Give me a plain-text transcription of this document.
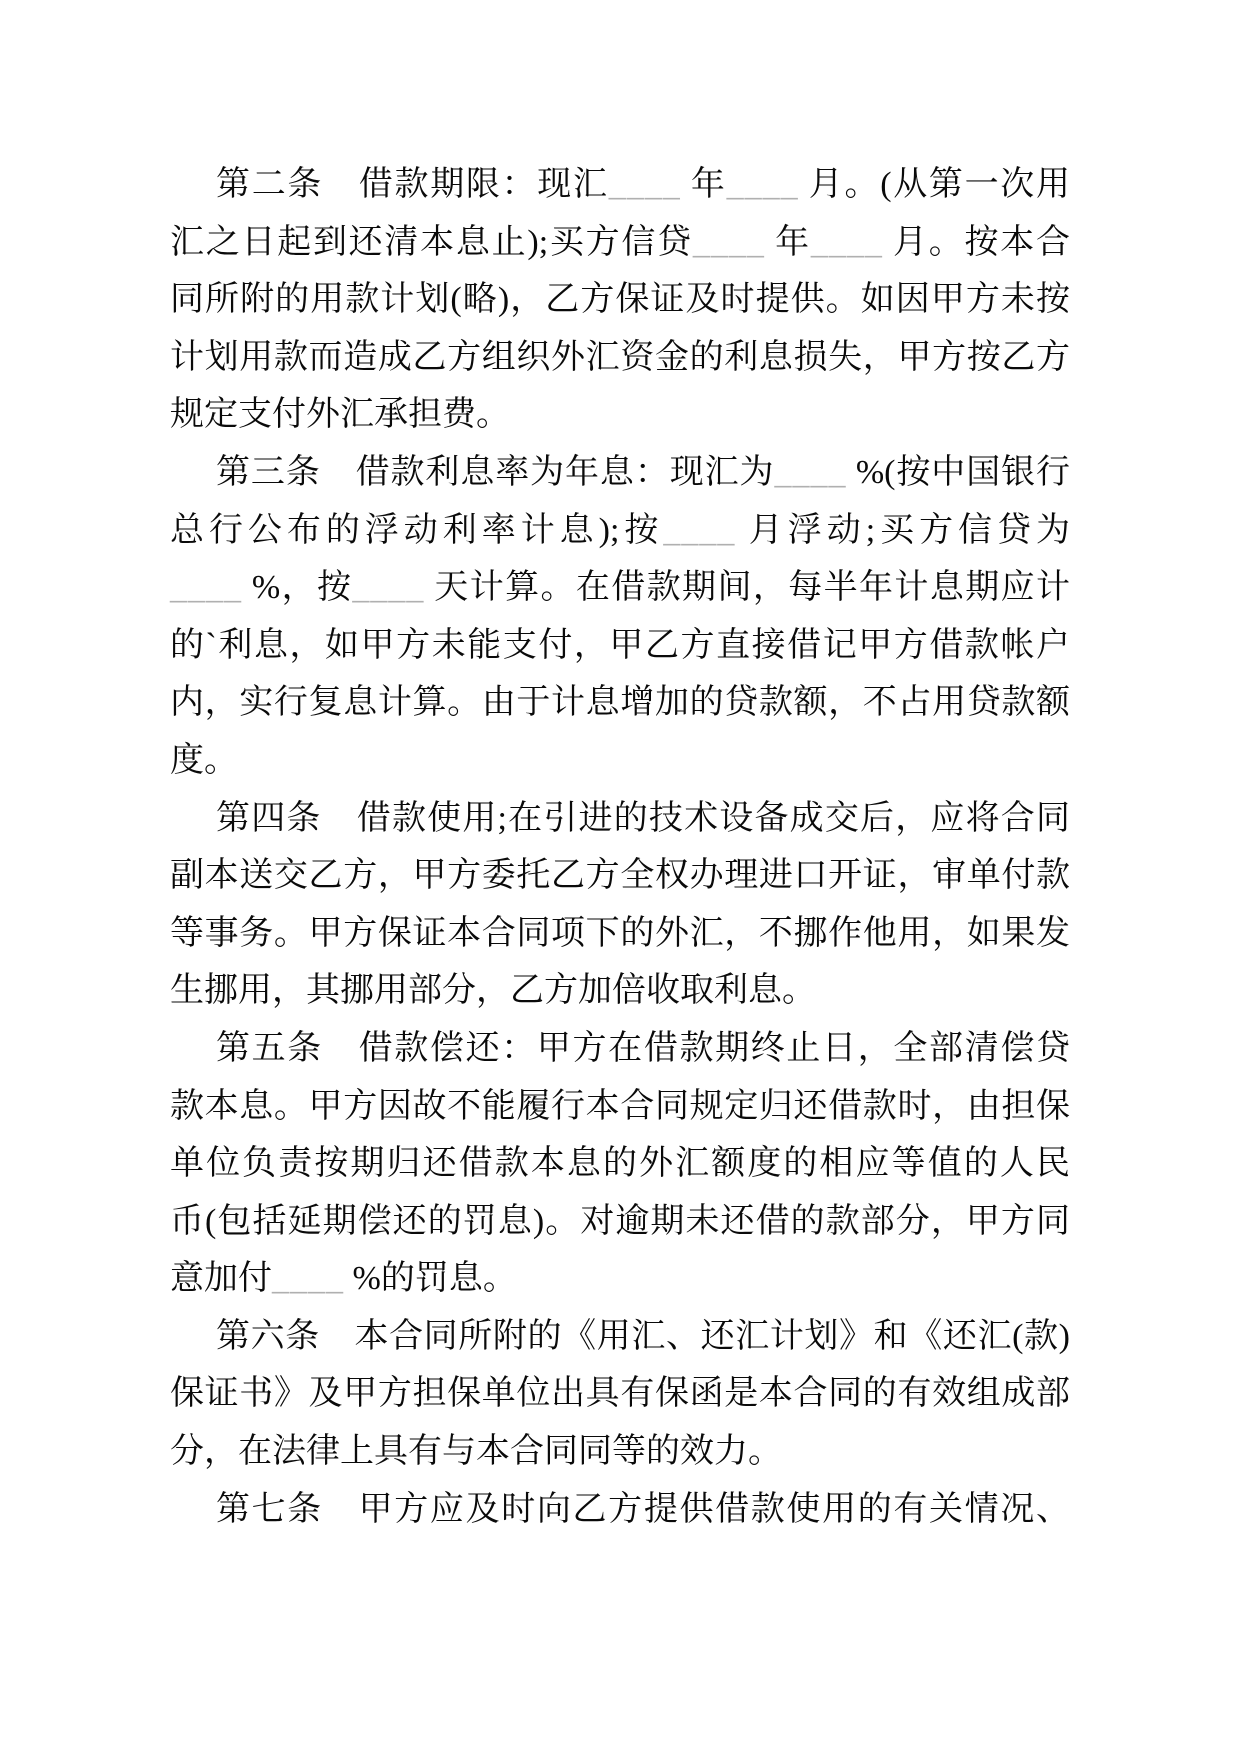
第二条　借款期限：现汇____ 年____ 月。(从第一次用
汇之日起到还清本息止);买方信贷____ 年____ 月。按本合
同所附的用款计划(略)，乙方保证及时提供。如因甲方未按
计划用款而造成乙方组织外汇资金的利息损失，甲方按乙方
规定支付外汇承担费。
第三条　借款利息率为年息：现汇为____ %(按中国银行
总行公布的浮动利率计息);按____ 月浮动;买方信贷为
____ %，按____ 天计算。在借款期间，每半年计息期应计
的`利息，如甲方未能支付，甲乙方直接借记甲方借款帐户
内，实行复息计算。由于计息增加的贷款额，不占用贷款额
度。
第四条　借款使用;在引进的技术设备成交后，应将合同
副本送交乙方，甲方委托乙方全权办理进口开证，审单付款
等事务。甲方保证本合同项下的外汇，不挪作他用，如果发
生挪用，其挪用部分，乙方加倍收取利息。
第五条　借款偿还：甲方在借款期终止日，全部清偿贷
款本息。甲方因故不能履行本合同规定归还借款时，由担保
单位负责按期归还借款本息的外汇额度的相应等值的人民
币(包括延期偿还的罚息)。对逾期未还借的款部分，甲方同
意加付____ %的罚息。
第六条　本合同所附的《用汇、还汇计划》和《还汇(款)
保证书》及甲方担保单位出具有保函是本合同的有效组成部
分，在法律上具有与本合同同等的效力。
第七条　甲方应及时向乙方提供借款使用的有关情况、
